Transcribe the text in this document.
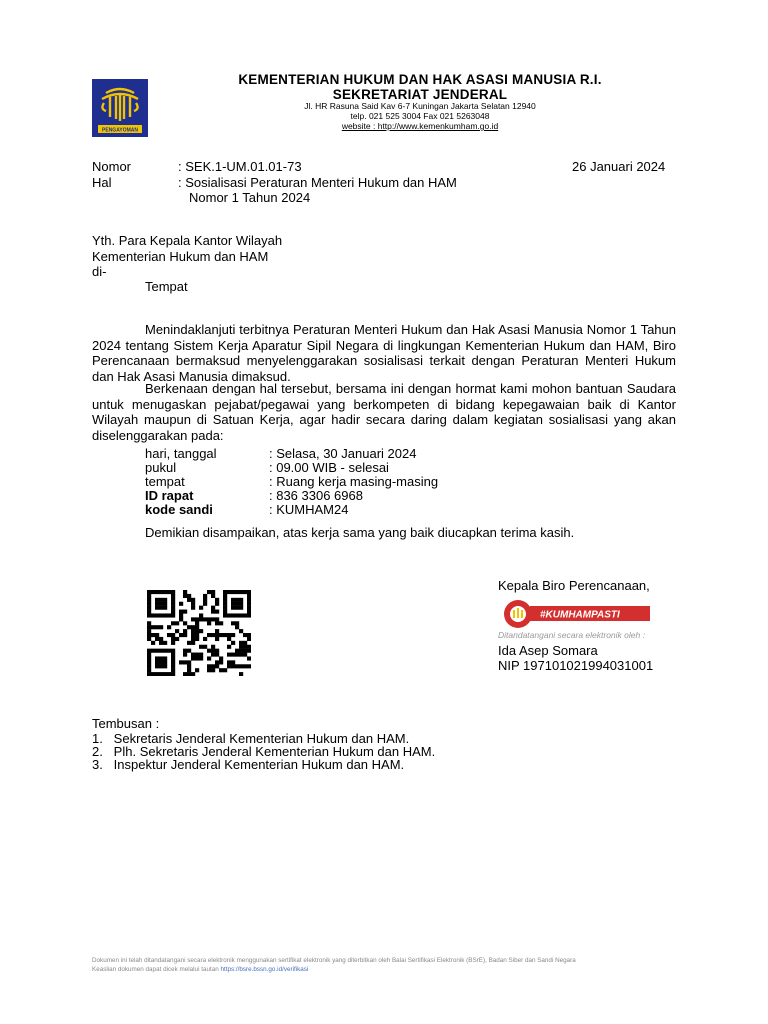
PENGAYOMAN
KEMENTERIAN HUKUM DAN HAK ASASI MANUSIA R.I.
SEKRETARIAT JENDERAL
Jl. HR Rasuna Said Kav 6-7 Kuningan Jakarta Selatan 12940
telp. 021 525 3004 Fax 021 5263048
website : http://www.kemenkumham.go.id
Nomor	: SEK.1-UM.01.01-73	26 Januari 2024
Hal	: Sosialisasi Peraturan Menteri Hukum dan HAM
Nomor 1 Tahun 2024
Yth. Para Kepala Kantor Wilayah
Kementerian Hukum dan HAM
di-
Tempat
Menindaklanjuti terbitnya Peraturan Menteri Hukum dan Hak Asasi Manusia Nomor 1 Tahun 2024 tentang Sistem Kerja Aparatur Sipil Negara di lingkungan Kementerian Hukum dan HAM, Biro Perencanaan bermaksud menyelenggarakan sosialisasi terkait dengan Peraturan Menteri Hukum dan Hak Asasi Manusia dimaksud.
Berkenaan dengan hal tersebut, bersama ini dengan hormat kami mohon bantuan Saudara untuk menugaskan pejabat/pegawai yang berkompeten di bidang kepegawaian baik di Kantor Wilayah maupun di Satuan Kerja, agar hadir secara daring dalam kegiatan sosialisasi yang akan diselenggarakan pada:
hari, tanggal	: Selasa, 30 Januari 2024
pukul	: 09.00 WIB - selesai
tempat	: Ruang kerja masing-masing
ID rapat	: 836 3306 6968
kode sandi	: KUMHAM24
Demikian disampaikan, atas kerja sama yang baik diucapkan terima kasih.
Kepala Biro Perencanaan,
#KUMHAMPASTI
Ditandatangani secara elektronik oleh :
Ida Asep Somara
NIP 197101021994031001
Tembusan :
1.   Sekretaris Jenderal Kementerian Hukum dan HAM.
2.   Plh. Sekretaris Jenderal Kementerian Hukum dan HAM.
3.   Inspektur Jenderal Kementerian Hukum dan HAM.
Dokumen ini telah ditandatangani secara elektronik menggunakan sertifikat elektronik yang diterbitkan oleh Balai Sertifikasi Elektronik (BSrE), Badan Siber dan Sandi Negara
Keaslian dokumen dapat dicek melalui tautan https://bsre.bssn.go.id/verifikasi
